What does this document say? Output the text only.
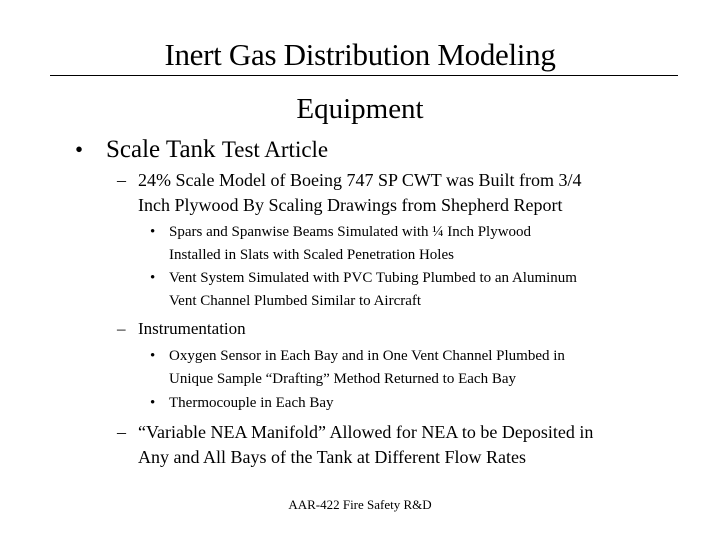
Inert Gas Distribution Modeling
Equipment
• Scale Tank Test Article
– 24% Scale Model of Boeing 747 SP CWT was Built from 3/4
Inch Plywood By Scaling Drawings from Shepherd Report
• Spars and Spanwise Beams Simulated with ¼ Inch Plywood
Installed in Slats with Scaled Penetration Holes
• Vent System Simulated with PVC Tubing Plumbed to an Aluminum
Vent Channel Plumbed Similar to Aircraft
– Instrumentation
• Oxygen Sensor in Each Bay and in One Vent Channel Plumbed in
Unique Sample “Drafting” Method Returned to Each Bay
• Thermocouple in Each Bay
– “Variable NEA Manifold” Allowed for NEA to be Deposited in
Any and All Bays of the Tank at Different Flow Rates
AAR-422 Fire Safety R&D
